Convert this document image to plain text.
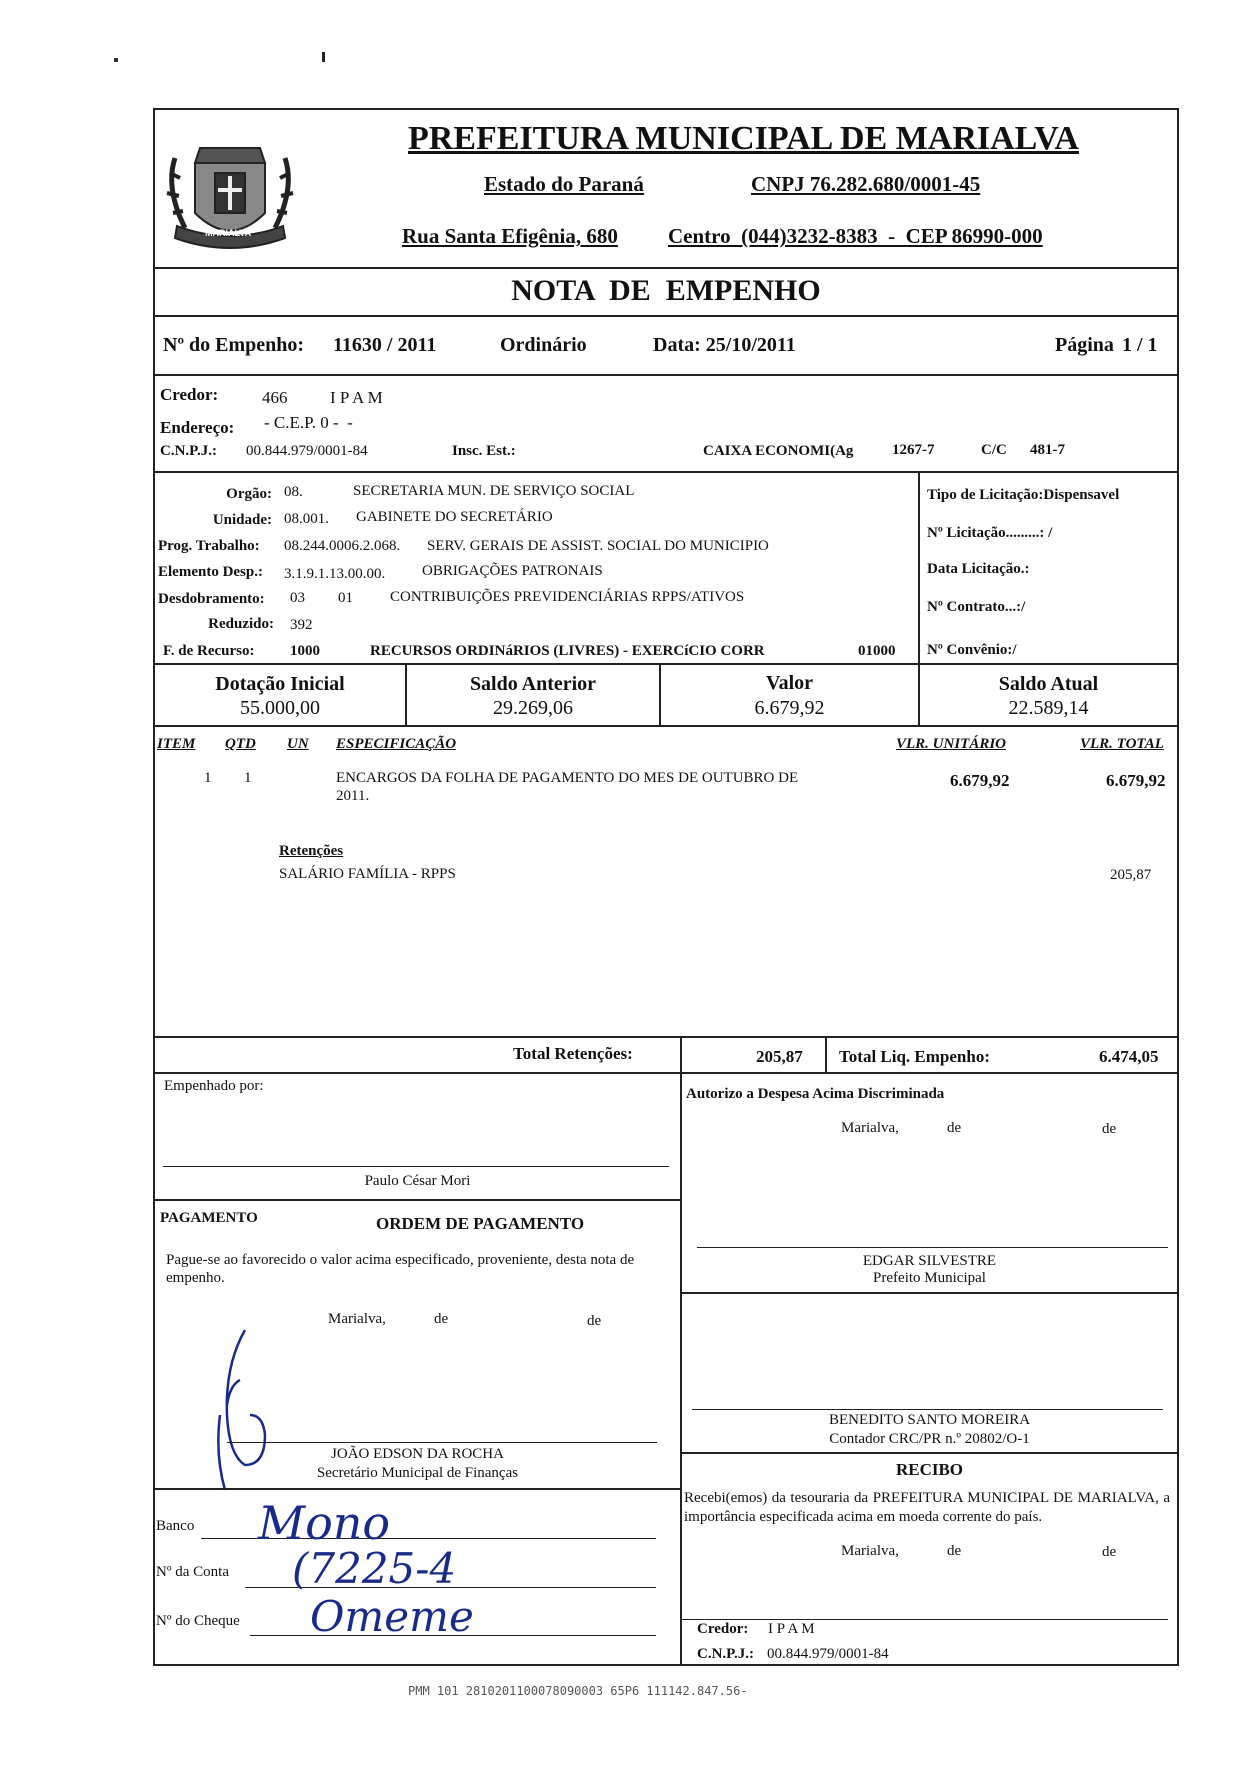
MARIALVA
PREFEITURA MUNICIPAL DE MARIALVA
Estado do Paraná	CNPJ 76.282.680/0001-45
Rua Santa Efigênia, 680 Centro  (044)3232-8383  -  CEP 86990-000
NOTA  DE  EMPENHO
Nº do Empenho: 11630 / 2011	Ordinário	Data: 25/10/2011	Página 1 / 1
Credor:	466	I P A M
Endereço: - C.E.P. 0 -  -
C.N.P.J.: 00.844.979/0001-84	Insc. Est.:	CAIXA ECONOMI(Ag	1267-7	C/C 481-7
Orgão: 08.	SECRETARIA MUN. DE SERVIÇO SOCIAL
Unidade: 08.001. GABINETE DO SECRETÁRIO
Prog. Trabalho: 08.244.0006.2.068. SERV. GERAIS DE ASSIST. SOCIAL DO MUNICIPIO
Elemento Desp.: 3.1.9.1.13.00.00. OBRIGAÇÕES PATRONAIS
Desdobramento: 03 01 CONTRIBUIÇÕES PREVIDENCIÁRIAS RPPS/ATIVOS
Reduzido: 392
F. de Recurso: 1000	RECURSOS ORDINáRIOS (LIVRES) - EXERCíCIO CORR	01000
Tipo de Licitação:Dispensavel
Nº Licitação.........: /
Data Licitação.:
Nº Contrato...:/
Nº Convênio:/
Dotação Inicial
55.000,00
Saldo Anterior
29.269,06
Valor
6.679,92
Saldo Atual
22.589,14
ITEM QTD UN ESPECIFICAÇÃO	VLR. UNITÁRIO	VLR. TOTAL
1 1	ENCARGOS DA FOLHA DE PAGAMENTO DO MES DE OUTUBRO DE
2011.
6.679,92	6.679,92
Retenções
SALÁRIO FAMÍLIA - RPPS	205,87
Total Retenções:	205,87 Total Liq. Empenho:	6.474,05
Empenhado por:
Paulo César Mori
PAGAMENTO	ORDEM DE PAGAMENTO
Pague-se ao favorecido o valor acima especificado, proveniente, desta nota de empenho.
Marialva,	de	de
JOÃO EDSON DA ROCHA
Secretário Municipal de Finanças
Banco Mono
Nº da Conta (7225-4
Nº do Cheque Omeme
Autorizo a Despesa Acima Discriminada
Marialva,	de	de
EDGAR SILVESTRE
Prefeito Municipal
BENEDITO SANTO MOREIRA
Contador CRC/PR n.º 20802/O-1
RECIBO
Recebi(emos) da tesouraria da PREFEITURA MUNICIPAL DE MARIALVA, a importância especificada acima em moeda corrente do país.
Marialva,	de	de
Credor: I P A M
C.N.P.J.: 00.844.979/0001-84
PMM 101 2810201100078090003 65P6 111142.847.56-
